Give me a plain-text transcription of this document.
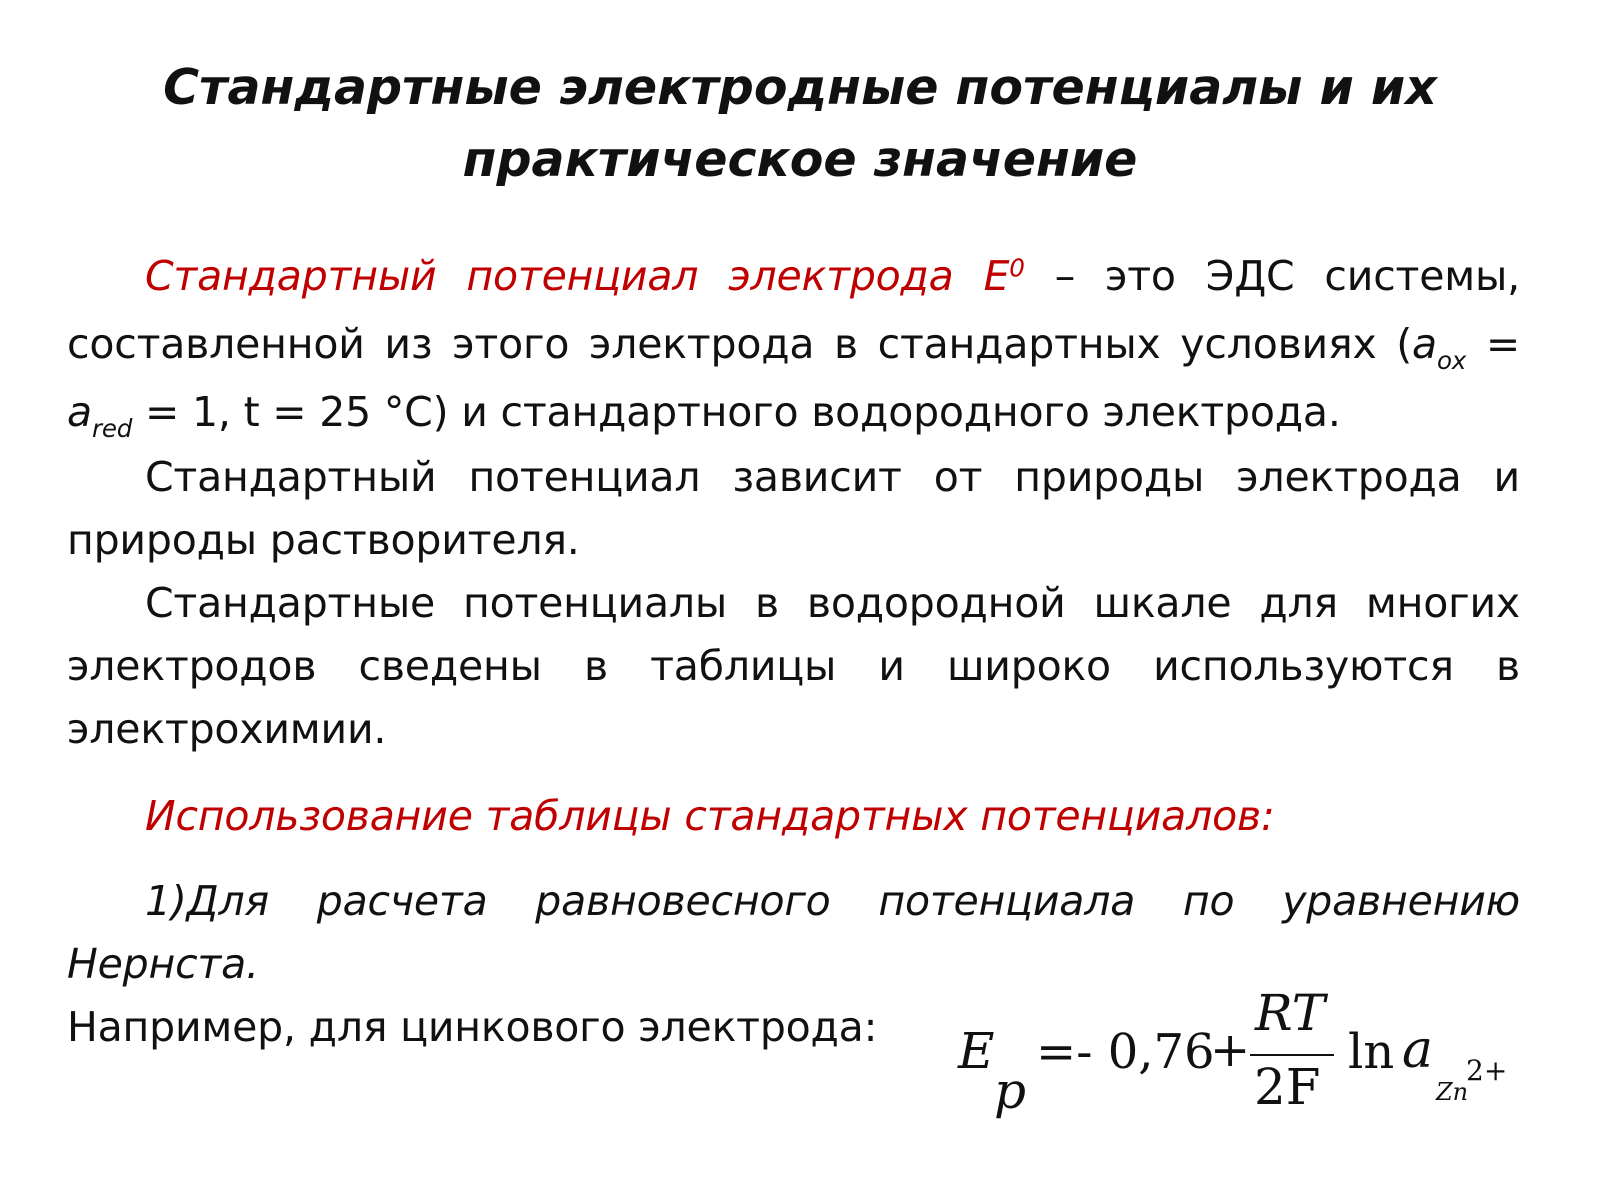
Стандартные электродные потенциалы и их
практическое значение

Стандартный потенциал электрода $E^0$ – это ЭДС системы, составленной из этого электрода в стандартных условиях ($a_{ox} = a_{red} = 1$, t = 25 °C) и стандартного водородного электрода.

Стандартный потенциал зависит от природы электрода и природы растворителя.

Стандартные потенциалы в водородной шкале для многих электродов сведены в таблицы и широко используются в электрохимии.

Использование таблицы стандартных потенциалов:

1)Для расчета равновесного потенциала по уравнению Нернста.

Например, для цинкового электрода:	E
p
=- 0,76
+
RT
2F
ln a
Zn
2+
